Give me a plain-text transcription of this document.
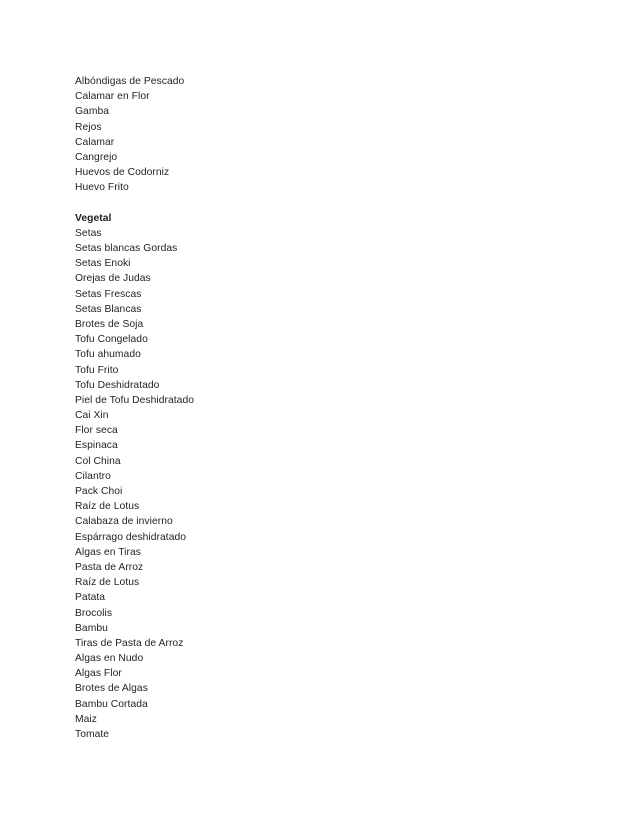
Albóndigas de Pescado
Calamar en Flor
Gamba
Rejos
Calamar
Cangrejo
Huevos de Codorniz
Huevo Frito

Vegetal
Setas
Setas blancas Gordas
Setas Enoki
Orejas de Judas
Setas Frescas
Setas Blancas
Brotes de Soja
Tofu Congelado
Tofu ahumado
Tofu Frito
Tofu Deshidratado
Piel de Tofu Deshidratado
Cai Xin
Flor seca
Espinaca
Col China
Cilantro
Pack Choi
Raíz de Lotus
Calabaza de invierno
Espárrago deshidratado
Algas en Tiras
Pasta de Arroz
Raíz de Lotus
Patata
Brocolis
Bambu
Tiras de Pasta de Arroz
Algas en Nudo
Algas Flor
Brotes de Algas
Bambu Cortada
Maiz
Tomate
